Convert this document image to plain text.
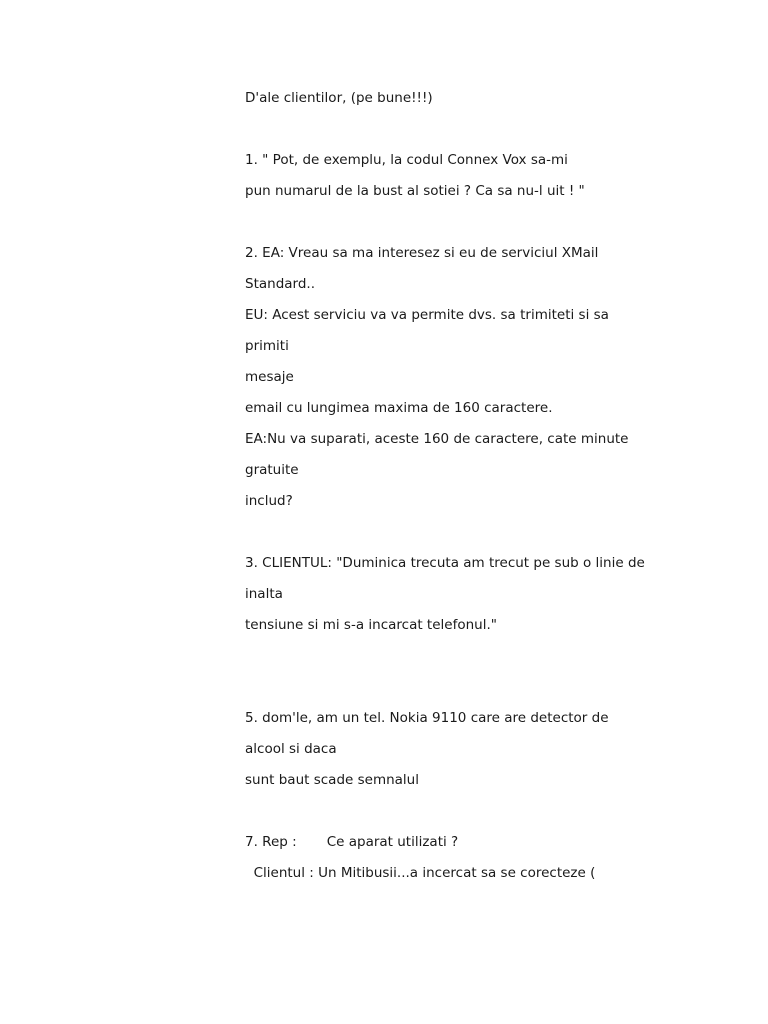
D'ale clientilor, (pe bune!!!)
1. " Pot, de exemplu, la codul Connex Vox sa-mi
pun numarul de la bust al sotiei ? Ca sa nu-l uit ! "
2. EA: Vreau sa ma interesez si eu de serviciul XMail
Standard..
EU: Acest serviciu va va permite dvs. sa trimiteti si sa
primiti
mesaje
email cu lungimea maxima de 160 caractere.
EA:Nu va suparati, aceste 160 de caractere, cate minute
gratuite
includ?
3. CLIENTUL: "Duminica trecuta am trecut pe sub o linie de
inalta
tensiune si mi s-a incarcat telefonul."
5. dom'le, am un tel. Nokia 9110 care are detector de
alcool si daca
sunt baut scade semnalul
7. Rep :       Ce aparat utilizati ?
Clientul : Un Mitibusii...a incercat sa se corecteze (
